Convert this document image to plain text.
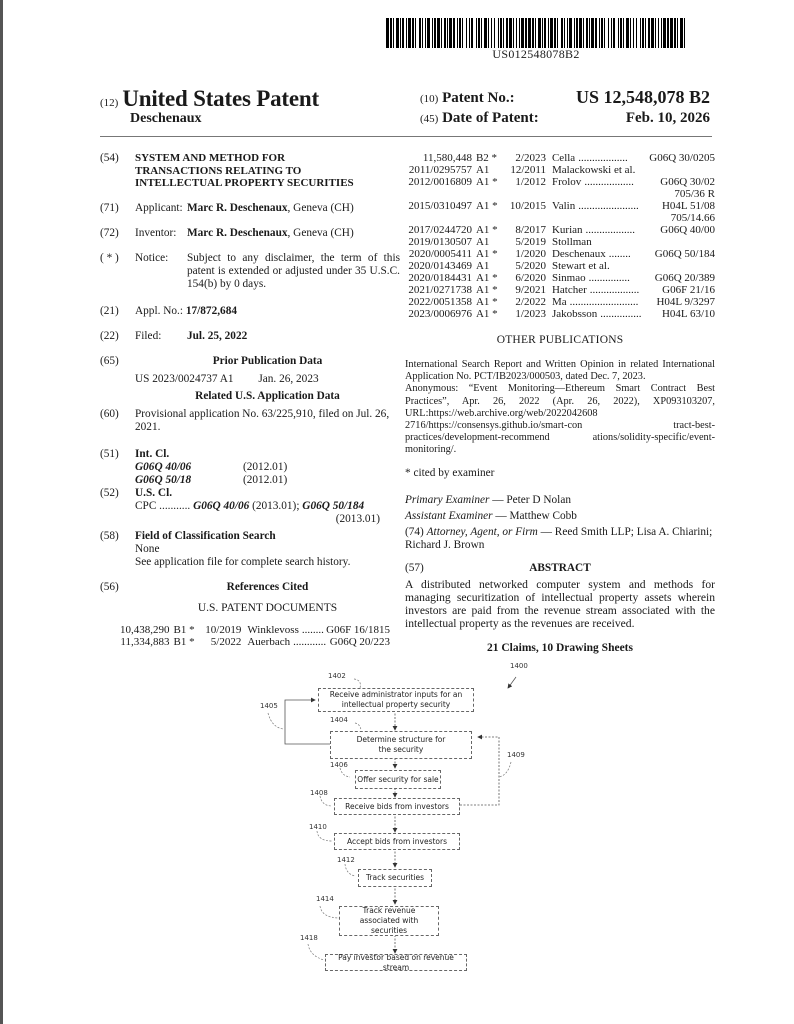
US012548078B2
(12) United States Patent
Deschenaux
(10) Patent No.:	US 12,548,078 B2
(45) Date of Patent:	Feb. 10, 2026
(54) SYSTEM AND METHOD FOR
TRANSACTIONS RELATING TO
INTELLECTUAL PROPERTY SECURITIES
(71) Applicant: Marc R. Deschenaux, Geneva (CH)
(72) Inventor: Marc R. Deschenaux, Geneva (CH)
( * ) Notice:	Subject to any disclaimer, the term of this patent is extended or adjusted under 35 U.S.C. 154(b) by 0 days.
(21) Appl. No.: 17/872,684
(22) Filed: Jul. 25, 2022
(65)	Prior Publication Data
US 2023/0024737 A1 Jan. 26, 2023
Related U.S. Application Data
(60) Provisional application No. 63/225,910, filed on Jul. 26, 2021.
(51) Int. Cl.
G06Q 40/06	(2012.01)
G06Q 50/18	(2012.01)
(52) U.S. Cl.
CPC ........... G06Q 40/06 (2013.01); G06Q 50/184
(2013.01)
(58) Field of Classification Search
None
See application file for complete search history.
(56)	References Cited
U.S. PATENT DOCUMENTS
10,438,290	B1 *	10/2019	Winklevoss ........	G06F 16/1815
11,334,883	B1 *	5/2022	Auerbach ............	G06Q 20/223
11,580,448	B2 *	2/2023	Cella ..................	G06Q 30/0205
2011/0295757	A1	12/2011	Malackowski et al.	
2012/0016809	A1 *	1/2012	Frolov ..................	G06Q 30/02
705/36 R				
2015/0310497	A1 *	10/2015	Valin ......................	H04L 51/08
705/14.66				
2017/0244720	A1 *	8/2017	Kurian ..................	G06Q 40/00
2019/0130507	A1	5/2019	Stollman	
2020/0005411	A1 *	1/2020	Deschenaux ........	G06Q 50/184
2020/0143469	A1	5/2020	Stewart et al.	
2020/0184431	A1 *	6/2020	Sinmao ...............	G06Q 20/389
2021/0271738	A1 *	9/2021	Hatcher ..................	G06F 21/16
2022/0051358	A1 *	2/2022	Ma .........................	H04L 9/3297
2023/0006976	A1 *	1/2023	Jakobsson ...............	H04L 63/10
OTHER PUBLICATIONS
International Search Report and Written Opinion in related International Application No. PCT/IB2023/000503, dated Dec. 7, 2023.
Anonymous: “Event Monitoring—Ethereum Smart Contract Best Practices”, Apr. 26, 2022 (Apr. 26, 2022), XP093103207, URL:https://web.archive.org/web/2022042608 2716/https://consensys.github.io/smart-con tract-best-practices/development-recommend ations/solidity-specific/event-monitoring/.
* cited by examiner
Primary Examiner — Peter D Nolan
Assistant Examiner — Matthew Cobb
(74) Attorney, Agent, or Firm — Reed Smith LLP; Lisa A. Chiarini; Richard J. Brown
(57)	ABSTRACT
A distributed networked computer system and methods for managing securitization of intellectual property assets wherein investors are paid from the revenue stream associated with the intellectual property as the revenues are received.
21 Claims, 10 Drawing Sheets
1400
1402
Receive administrator inputs for an intellectual property security
1404
Determine structure for the security
1406
Offer security for sale
1408
Receive bids from investors
1410
Accept bids from investors
1412
Track securities
1414
Track revenue associated with securities
1418
Pay investor based on revenue stream
1405
1409
